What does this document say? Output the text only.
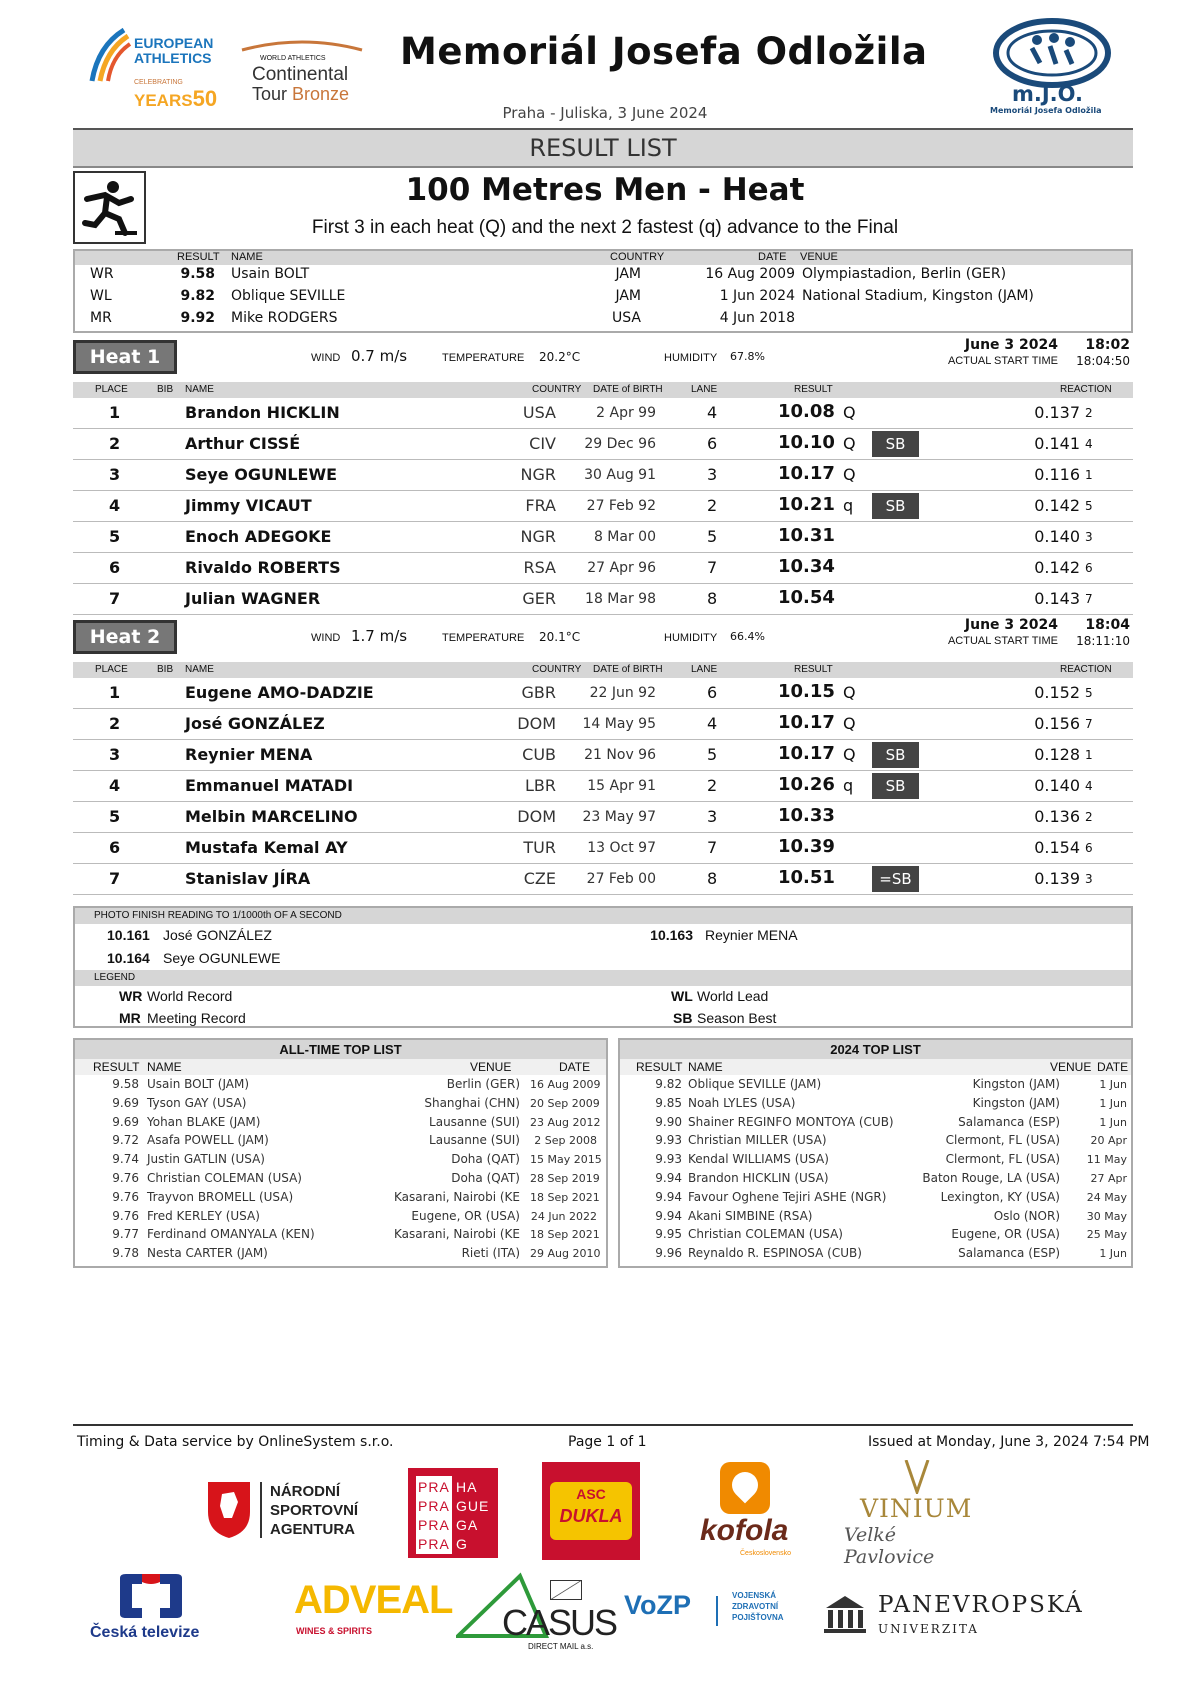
EUROPEAN
ATHLETICS
CELEBRATING
YEARS50
WORLD ATHLETICS
Continental
Tour Bronze
Memoriál Josefa Odložila
Praha - Juliska, 3 June 2024
m.J.O.
Memoriál Josefa Odložila
RESULT LIST
100 Metres Men - Heat
First 3 in each heat (Q) and the next 2 fastest (q) advance to the Final
RESULT NAME	COUNTRY	DATE VENUE
WR	9.58 Usain BOLT	JAM	16 Aug 2009 Olympiastadion, Berlin (GER)
WL	9.82 Oblique SEVILLE	JAM	1 Jun 2024 National Stadium, Kingston (JAM)
MR	9.92 Mike RODGERS	USA	4 Jun 2018
Heat 1	WIND 0.7 m/s	TEMPERATURE 20.2°C	HUMIDITY 67.8%
June 3 2024 18:02
ACTUAL START TIME	18:04:50
PLACE	BIB NAME	COUNTRY DATE of BIRTH	LANE	RESULT	REACTION
1	Brandon HICKLIN	USA	2 Apr 99	4	10.08 Q	0.137 2
2	Arthur CISSÉ	CIV	29 Dec 96	6	10.10 Q	SB	0.141 4
3	Seye OGUNLEWE	NGR	30 Aug 91	3	10.17 Q	0.116 1
4	Jimmy VICAUT	FRA	27 Feb 92	2	10.21 q	SB	0.142 5
5	Enoch ADEGOKE	NGR	8 Mar 00	5	10.31	0.140 3
6	Rivaldo ROBERTS	RSA	27 Apr 96	7	10.34	0.142 6
7	Julian WAGNER	GER	18 Mar 98	8	10.54	0.143 7
Heat 2	WIND 1.7 m/s	TEMPERATURE 20.1°C	HUMIDITY 66.4%
June 3 2024 18:04
ACTUAL START TIME	18:11:10
PLACE	BIB NAME	COUNTRY DATE of BIRTH	LANE	RESULT	REACTION
1	Eugene AMO-DADZIE	GBR	22 Jun 92	6	10.15 Q	0.152 5
2	José GONZÁLEZ	DOM	14 May 95	4	10.17 Q	0.156 7
3	Reynier MENA	CUB	21 Nov 96	5	10.17 Q	SB	0.128 1
4	Emmanuel MATADI	LBR	15 Apr 91	2	10.26 q	SB	0.140 4
5	Melbin MARCELINO	DOM	23 May 97	3	10.33	0.136 2
6	Mustafa Kemal AY	TUR	13 Oct 97	7	10.39	0.154 6
7	Stanislav JÍRA	CZE	27 Feb 00	8	10.51	=SB	0.139 3
PHOTO FINISH READING TO 1/1000th OF A SECOND
10.161 José GONZÁLEZ	10.163 Reynier MENA
10.164 Seye OGUNLEWE
LEGEND
WR World Record	WL World Lead
MR Meeting Record	SB Season Best
ALL-TIME TOP LIST
RESULT NAME	VENUE	DATE
9.58 Usain BOLT (JAM)	Berlin (GER) 16 Aug 2009
9.69 Tyson GAY (USA)	Shanghai (CHN) 20 Sep 2009
9.69 Yohan BLAKE (JAM)	Lausanne (SUI) 23 Aug 2012
9.72 Asafa POWELL (JAM)	Lausanne (SUI)	2 Sep 2008
9.74 Justin GATLIN (USA)	Doha (QAT) 15 May 2015
9.76 Christian COLEMAN (USA)	Doha (QAT) 28 Sep 2019
9.76 Trayvon BROMELL (USA)	Kasarani, Nairobi (KE 18 Sep 2021
9.76 Fred KERLEY (USA)	Eugene, OR (USA) 24 Jun 2022
9.77 Ferdinand OMANYALA (KEN)	Kasarani, Nairobi (KE 18 Sep 2021
9.78 Nesta CARTER (JAM)	Rieti (ITA) 29 Aug 2010
2024 TOP LIST
RESULT NAME	VENUE DATE
9.82 Oblique SEVILLE (JAM)	Kingston (JAM)	1 Jun
9.85 Noah LYLES (USA)	Kingston (JAM)	1 Jun
9.90 Shainer REGINFO MONTOYA (CUB)	Salamanca (ESP)	1 Jun
9.93 Christian MILLER (USA)	Clermont, FL (USA)	20 Apr
9.93 Kendal WILLIAMS (USA)	Clermont, FL (USA)	11 May
9.94 Brandon HICKLIN (USA)	Baton Rouge, LA (USA)	27 Apr
9.94 Favour Oghene Tejiri ASHE (NGR)	Lexington, KY (USA)	24 May
9.94 Akani SIMBINE (RSA)	Oslo (NOR)	30 May
9.95 Christian COLEMAN (USA)	Eugene, OR (USA)	25 May
9.96 Reynaldo R. ESPINOSA (CUB)	Salamanca (ESP)	1 Jun
Timing & Data service by OnlineSystem s.r.o.	Page 1 of 1	Issued at Monday, June 3, 2024 7:54 PM
NÁRODNÍ
SPORTOVNÍ
AGENTURA
PRA
PRA
PRA
PRA
HA
GUE
GA
G
ASC
DUKLA	kofola
Československo
VINIUM
Velké Pavlovice
Česká televize
ADVEAL
WINES & SPIRITS	CASUS
DIRECT MAIL a.s.
VoZP	VOJENSKÁ
ZDRAVOTNÍ
POJIŠŤOVNA	PANEVROPSKÁ
UNIVERZITA
